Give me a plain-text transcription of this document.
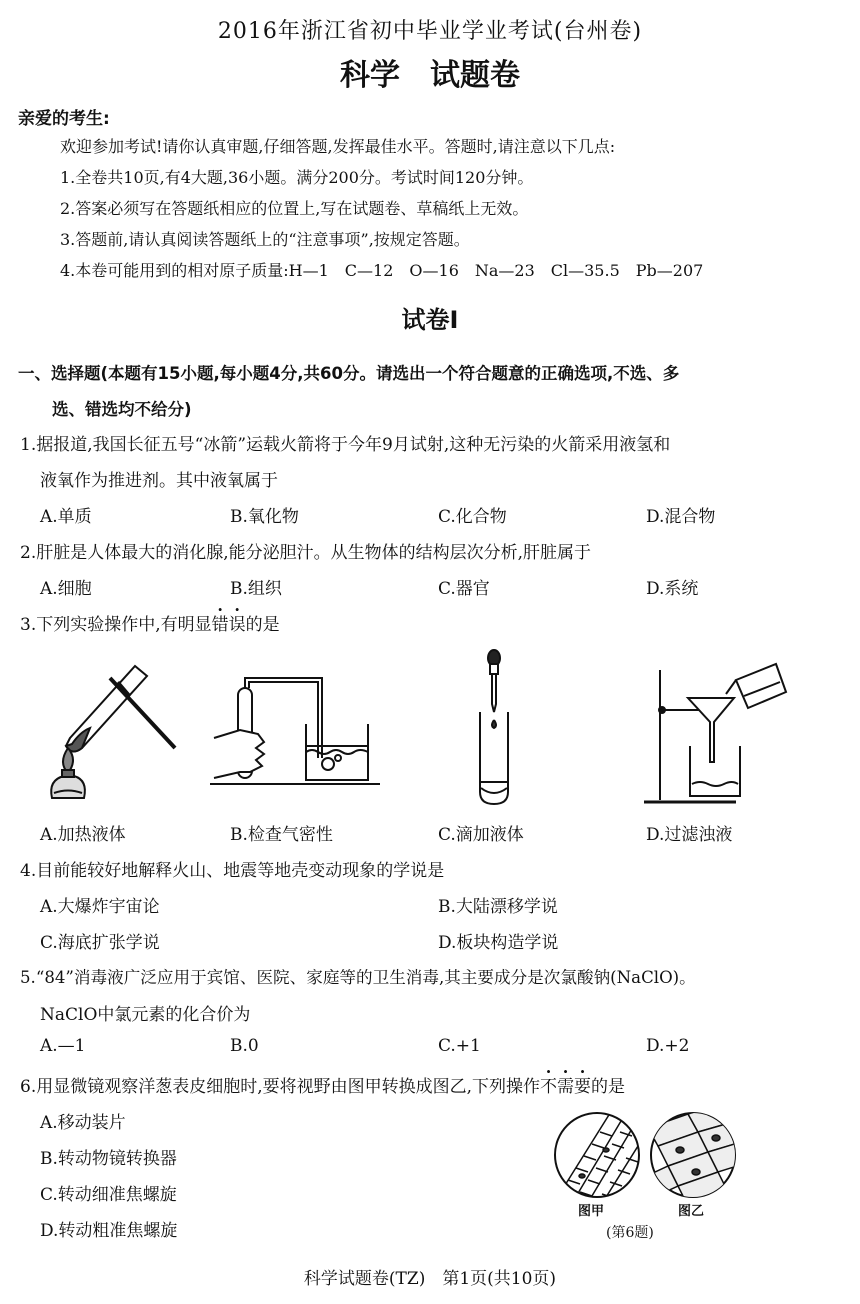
2016年浙江省初中毕业学业考试(台州卷)
科学　试题卷
亲爱的考生:
欢迎参加考试!请你认真审题,仔细答题,发挥最佳水平。答题时,请注意以下几点:
1.全卷共10页,有4大题,36小题。满分200分。考试时间120分钟。
2.答案必须写在答题纸相应的位置上,写在试题卷、草稿纸上无效。
3.答题前,请认真阅读答题纸上的“注意事项”,按规定答题。
4.本卷可能用到的相对原子质量:H—1　C—12　O—16　Na—23　Cl—35.5　Pb—207
试卷Ⅰ
一、选择题(本题有15小题,每小题4分,共60分。请选出一个符合题意的正确选项,不选、多
选、错选均不给分)
1.据报道,我国长征五号“冰箭”运载火箭将于今年9月试射,这种无污染的火箭采用液氢和
液氧作为推进剂。其中液氧属于
A.单质	B.氧化物	C.化合物	D.混合物
2.肝脏是人体最大的消化腺,能分泌胆汁。从生物体的结构层次分析,肝脏属于
A.细胞	B.组织	C.器官	D.系统
3.下列实验操作中,有明显错误的是
A.加热液体	B.检查气密性	C.滴加液体	D.过滤浊液
4.目前能较好地解释火山、地震等地壳变动现象的学说是
A.大爆炸宇宙论	B.大陆漂移学说
C.海底扩张学说	D.板块构造学说
5.“84”消毒液广泛应用于宾馆、医院、家庭等的卫生消毒,其主要成分是次氯酸钠(NaClO)。
NaClO中氯元素的化合价为
A.—1	B.0	C.+1	D.+2
6.用显微镜观察洋葱表皮细胞时,要将视野由图甲转换成图乙,下列操作不需要的是
A.移动装片
B.转动物镜转换器
C.转动细准焦螺旋
D.转动粗准焦螺旋
图甲	图乙
(第6题)
科学试题卷(TZ)　第1页(共10页)
